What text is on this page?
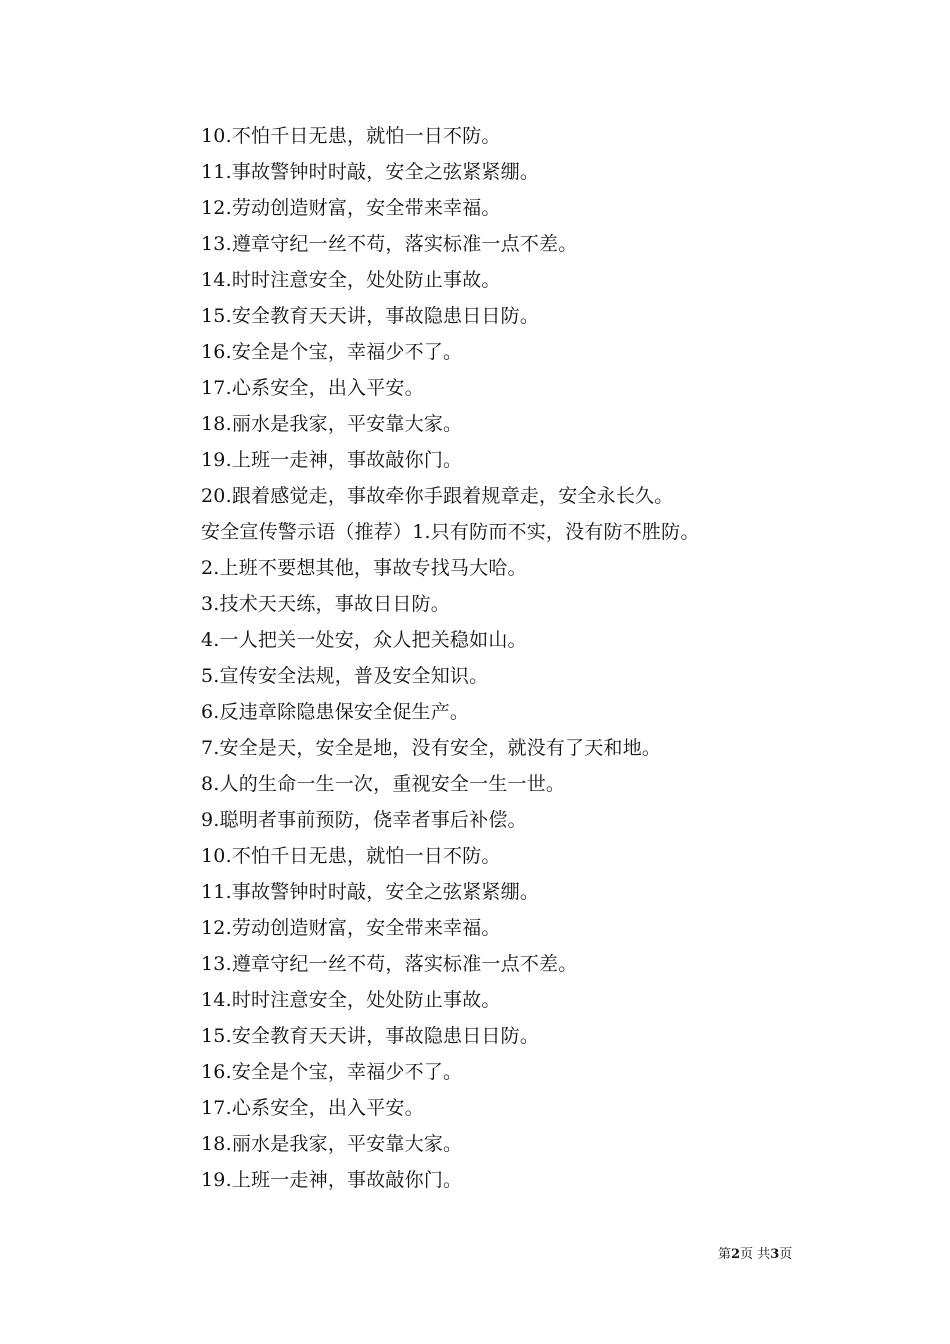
10.不怕千日无患，就怕一日不防。
11.事故警钟时时敲，安全之弦紧紧绷。
12.劳动创造财富，安全带来幸福。
13.遵章守纪一丝不苟，落实标准一点不差。
14.时时注意安全，处处防止事故。
15.安全教育天天讲，事故隐患日日防。
16.安全是个宝，幸福少不了。
17.心系安全，出入平安。
18.丽水是我家，平安靠大家。
19.上班一走神，事故敲你门。
20.跟着感觉走，事故牵你手跟着规章走，安全永长久。
安全宣传警示语（推荐）1.只有防而不实，没有防不胜防。
2.上班不要想其他，事故专找马大哈。
3.技术天天练，事故日日防。
4.一人把关一处安，众人把关稳如山。
5.宣传安全法规，普及安全知识。
6.反违章除隐患保安全促生产。
7.安全是天，安全是地，没有安全，就没有了天和地。
8.人的生命一生一次，重视安全一生一世。
9.聪明者事前预防，侥幸者事后补偿。
10.不怕千日无患，就怕一日不防。
11.事故警钟时时敲，安全之弦紧紧绷。
12.劳动创造财富，安全带来幸福。
13.遵章守纪一丝不苟，落实标准一点不差。
14.时时注意安全，处处防止事故。
15.安全教育天天讲，事故隐患日日防。
16.安全是个宝，幸福少不了。
17.心系安全，出入平安。
18.丽水是我家，平安靠大家。
19.上班一走神，事故敲你门。
第2页 共3页
